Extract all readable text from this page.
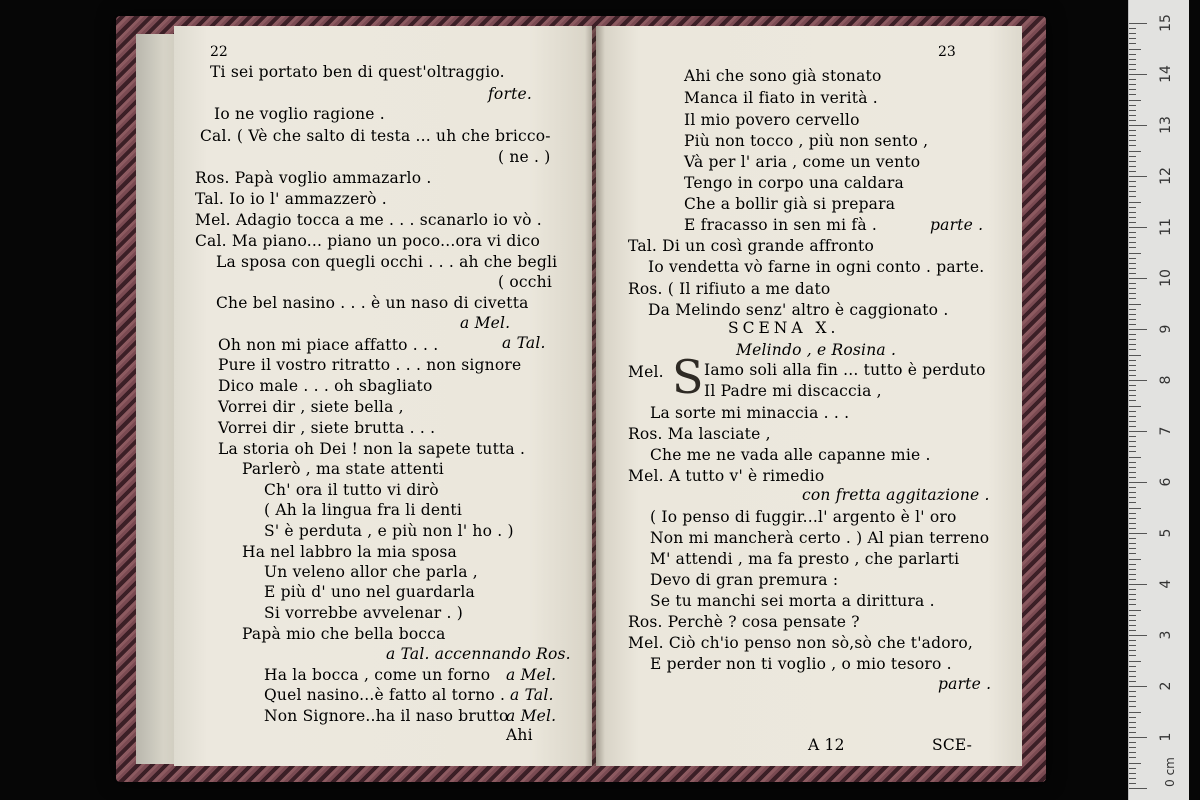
22
Ti sei portato ben di quest'oltraggio.
forte.
Io ne voglio ragione .
Cal. ( Vè che salto di testa ... uh che bricco-
( ne . )
Ros. Papà voglio ammazarlo .
Tal. Io io l' ammazzerò .
Mel. Adagio tocca a me . . . scanarlo io vò .
Cal. Ma piano... piano un poco...ora vi dico
La sposa con quegli occhi . . . ah che begli
( occhi
Che bel nasino . . . è un naso di civetta
a Mel.
Oh non mi piace affatto . . .	a Tal.
Pure il vostro ritratto . . . non signore
Dico male . . . oh sbagliato
Vorrei dir , siete bella ,
Vorrei dir , siete brutta . . .
La storia oh Dei ! non la sapete tutta .
Parlerò , ma state attenti
Ch' ora il tutto vi dirò
( Ah la lingua fra li denti
S' è perduta , e più non l' ho . )
Ha nel labbro la mia sposa
Un veleno allor che parla ,
E più d' uno nel guardarla
Si vorrebbe avvelenar . )
Papà mio che bella bocca
a Tal. accennando Ros.
Ha la bocca , come un forno a Mel.
Quel nasino...è fatto al torno . a Tal.
Non Signore..ha il naso brutto
a Mel.
Ahi
23
Ahi che sono già stonato
Manca il fiato in verità .
Il mio povero cervello
Più non tocco , più non sento ,
Và per l' aria , come un vento
Tengo in corpo una caldara
Che a bollir già si prepara
E fracasso in sen mi fà .	parte .
Tal. Di un così grande affronto
Io vendetta vò farne in ogni conto . parte.
Ros. ( Il rifiuto a me dato
Da Melindo senz' altro è caggionato .
SCENA X.
Melindo , e Rosina .
Mel. S Iamo soli alla fin ... tutto è perduto
Il Padre mi discaccia ,
La sorte mi minaccia . . .
Ros. Ma lasciate ,
Che me ne vada alle capanne mie .
Mel. A tutto v' è rimedio
con fretta aggitazione .
( Io penso di fuggir...l' argento è l' oro
Non mi mancherà certo . ) Al pian terreno
M' attendi , ma fa presto , che parlarti
Devo di gran premura :
Se tu manchi sei morta a dirittura .
Ros. Perchè ? cosa pensate ?
Mel. Ciò ch'io penso non sò,sò che t'adoro,
E perder non ti voglio , o mio tesoro .
parte .
A 12	SCE-
0 cm
15
14
13
12
11
10
9
8
7
6
5
4
3
2
1
